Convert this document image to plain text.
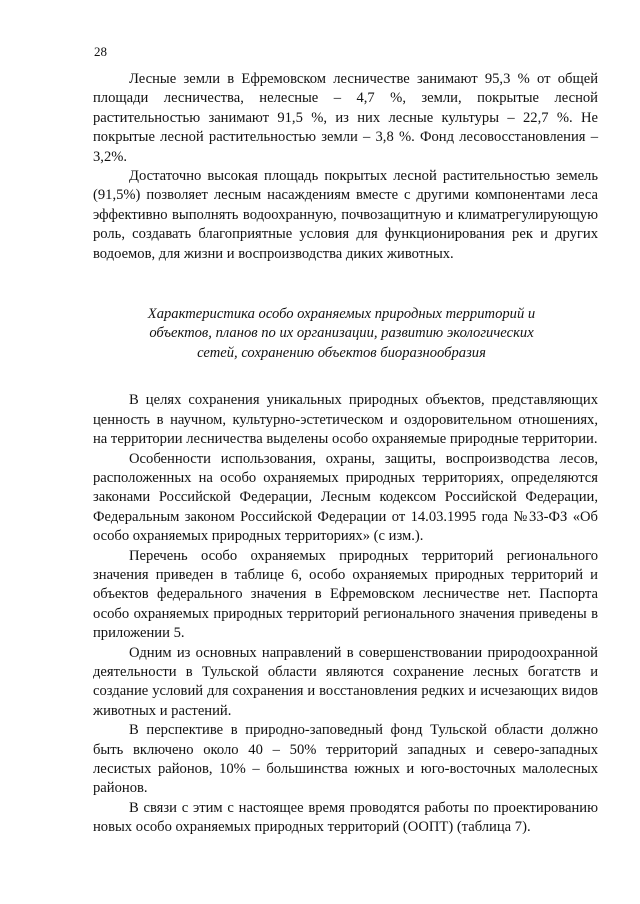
28

Лесные земли в Ефремовском лесничестве занимают 95,3 % от общей площади лесничества, нелесные – 4,7 %, земли, покрытые лесной растительностью занимают 91,5 %, из них лесные культуры – 22,7 %. Не покрытые лесной растительностью земли – 3,8 %. Фонд лесовосстановления – 3,2%.

Достаточно высокая площадь покрытых лесной растительностью земель (91,5%) позволяет лесным насаждениям вместе с другими компонентами леса эффективно выполнять водоохранную, почвозащитную и климатрегулирующую роль, создавать благоприятные условия для функционирования рек и других водоемов, для жизни и воспроизводства диких животных.

Характеристика особо охраняемых природных территорий и
объектов, планов по их организации, развитию экологических
сетей, сохранению объектов биоразнообразия

В целях сохранения уникальных природных объектов, представляющих ценность в научном, культурно-эстетическом и оздоровительном отношениях, на территории лесничества выделены особо охраняемые природные территории.

Особенности использования, охраны, защиты, воспроизводства лесов, расположенных на особо охраняемых природных территориях, определяются законами Российской Федерации, Лесным кодексом Российской Федерации, Федеральным законом Российской Федерации от 14.03.1995 года №33-ФЗ «Об особо охраняемых природных территориях» (с изм.).

Перечень особо охраняемых природных территорий регионального значения приведен в таблице 6, особо охраняемых природных территорий и объектов федерального значения в Ефремовском лесничестве нет. Паспорта особо охраняемых природных территорий регионального значения приведены в приложении 5.

Одним из основных направлений в совершенствовании природоохранной деятельности в Тульской области являются сохранение лесных богатств и создание условий для сохранения и восстановления редких и исчезающих видов животных и растений.

В перспективе в природно-заповедный фонд Тульской области должно быть включено около 40 – 50% территорий западных и северо-западных лесистых районов, 10% – большинства южных и юго-восточных малолесных районов.

В связи с этим с настоящее время проводятся работы по проектированию новых особо охраняемых природных территорий (ООПТ) (таблица 7).
